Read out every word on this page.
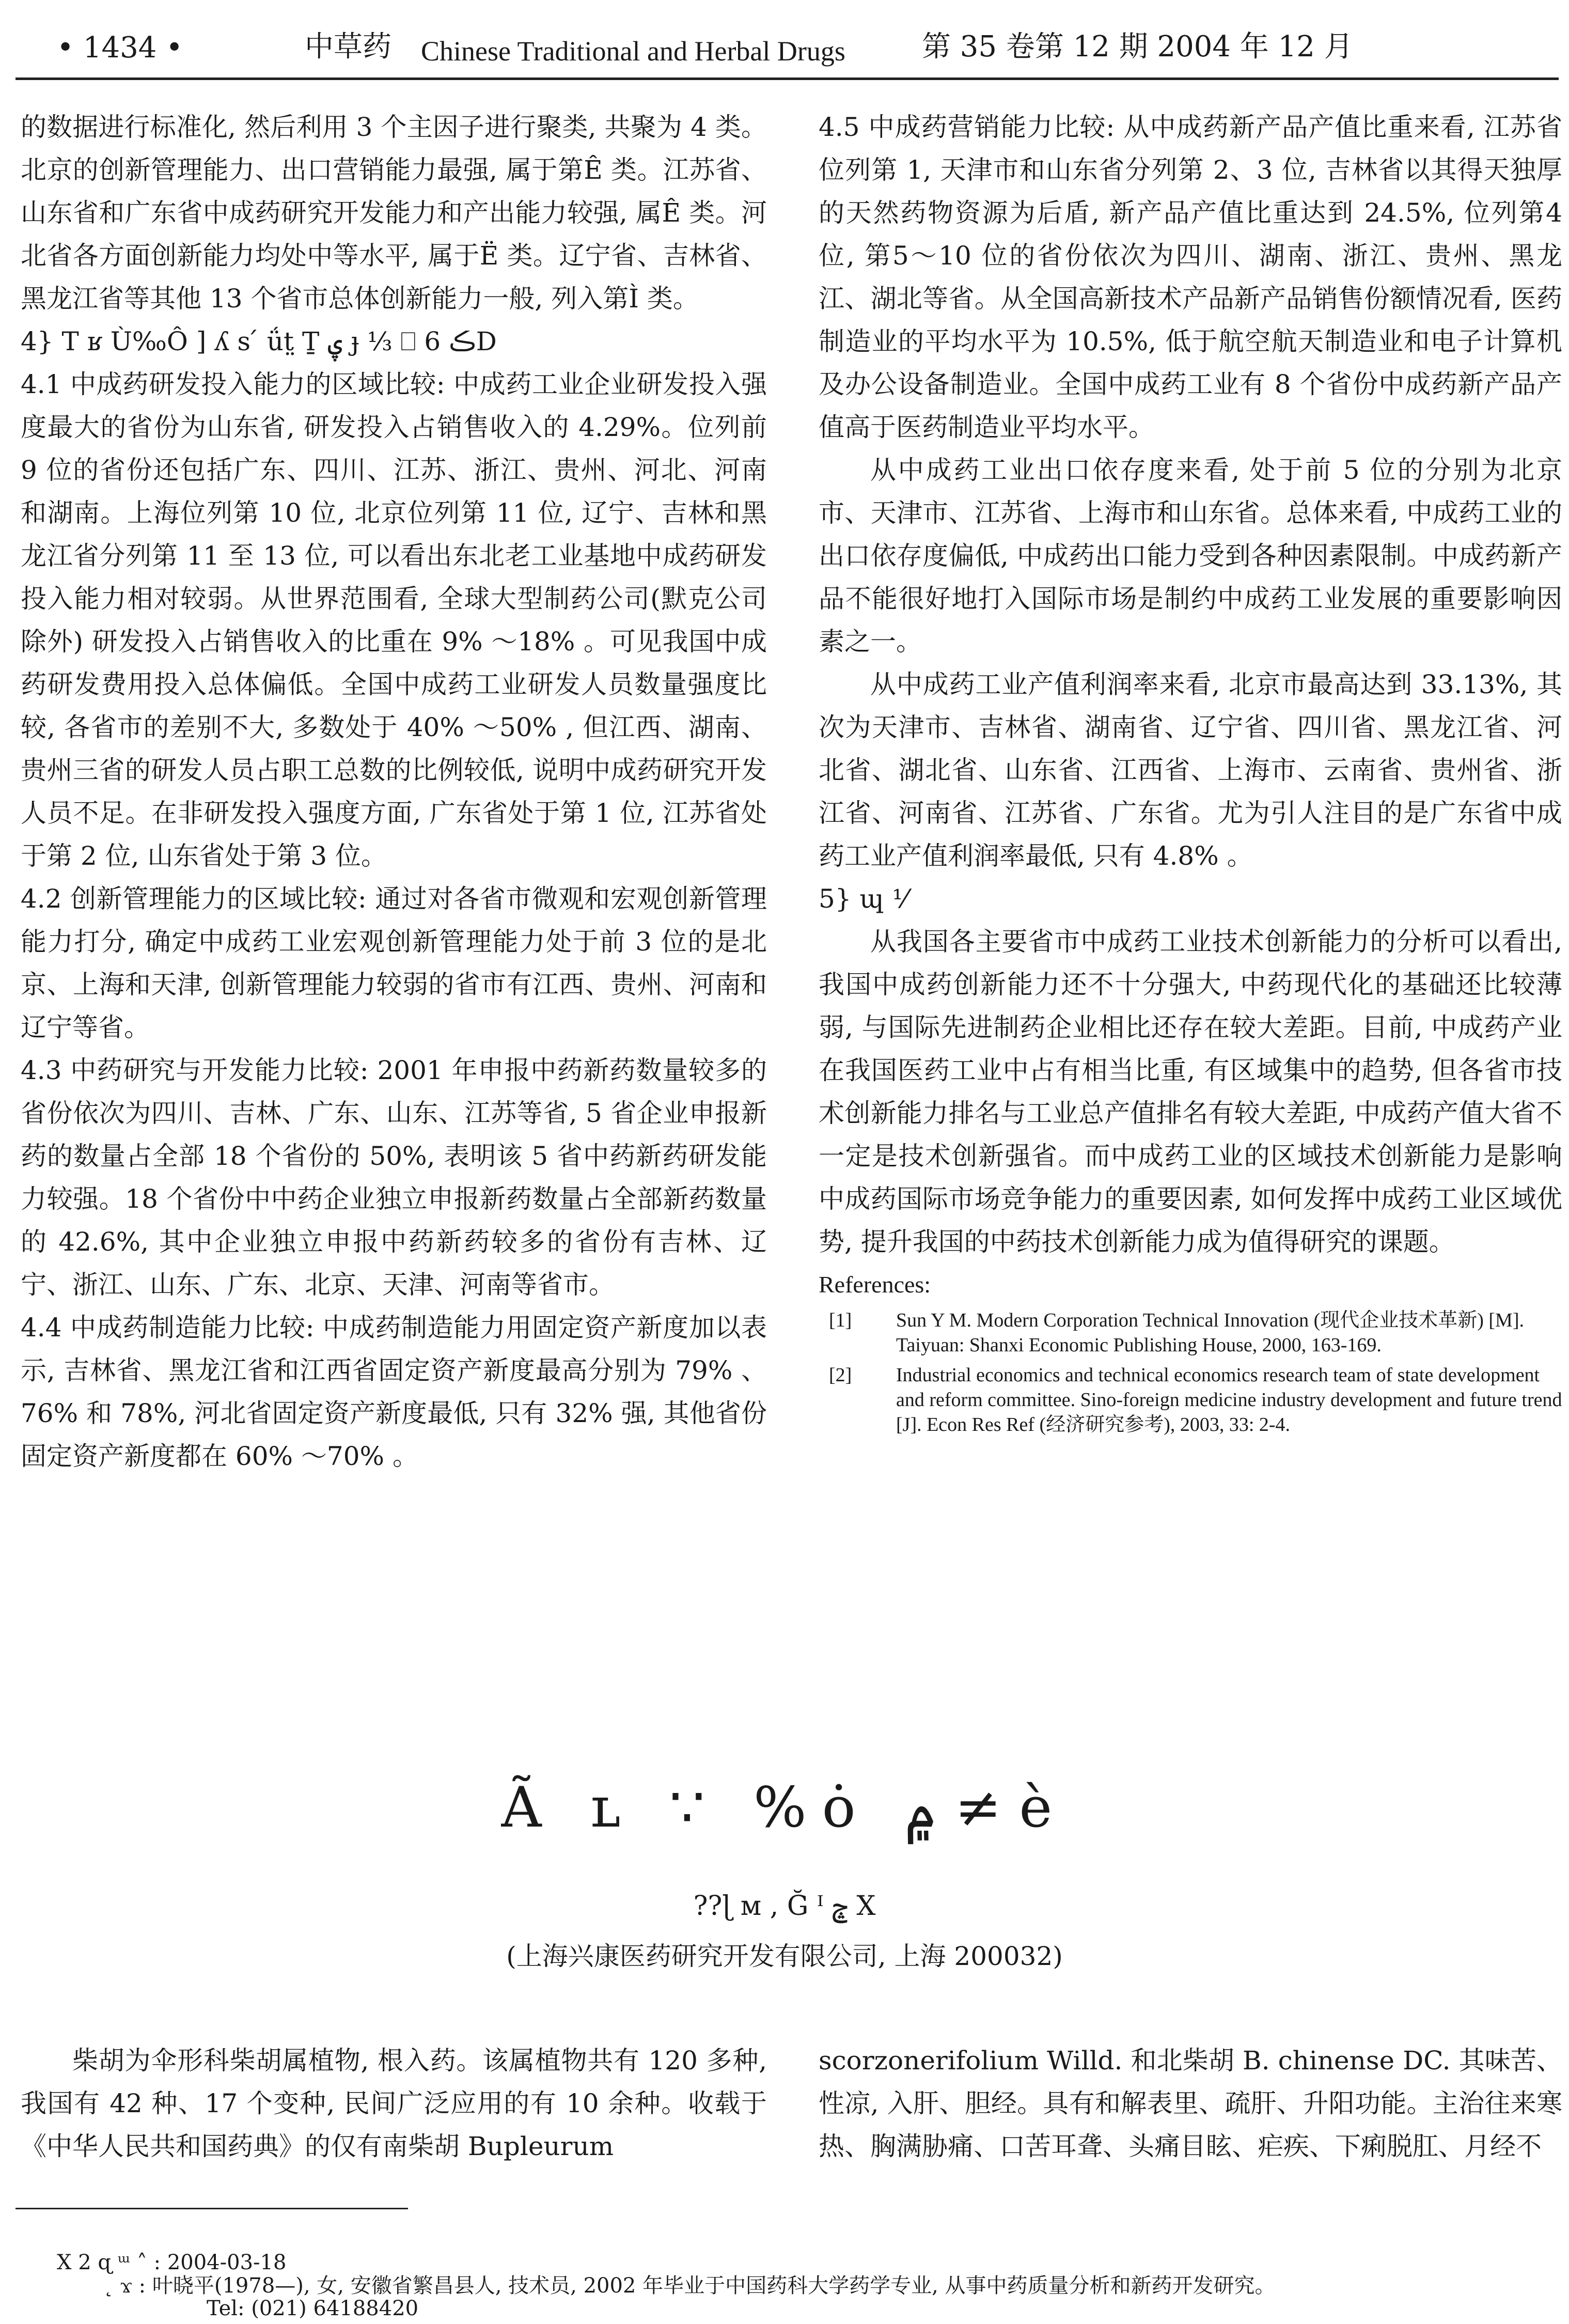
• 1434 •	中草药 Chinese Traditional and Herbal Drugs	第 35 卷第 12 期 2004 年 12 月

的数据进行标准化, 然后利用 3 个主因子进行聚类, 共聚为 4 类。北京的创新管理能力、出口营销能力最强, 属于第Ê 类。江苏省、山东省和广东省中成药研究开发能力和产出能力较强, 属Ê 类。河北省各方面创新能力均处中等水平, 属于Ë 类。辽宁省、吉林省、黑龙江省等其他 13 个省市总体创新能力一般, 列入第Ì 类。

4} T ʁ Ù‰Ô ] ʎ s ́ ǘt̤ Ṯ ۑ ɟ ⅓ ⎕ 6 ڪD

4.1 中成药研发投入能力的区域比较: 中成药工业企业研发投入强度最大的省份为山东省, 研发投入占销售收入的 4.29%。位列前 9 位的省份还包括广东、四川、江苏、浙江、贵州、河北、河南和湖南。上海位列第 10 位, 北京位列第 11 位, 辽宁、吉林和黑龙江省分列第 11 至 13 位, 可以看出东北老工业基地中成药研发投入能力相对较弱。从世界范围看, 全球大型制药公司(默克公司除外) 研发投入占销售收入的比重在 9% ～18% 。可见我国中成药研发费用投入总体偏低。全国中成药工业研发人员数量强度比较, 各省市的差别不大, 多数处于 40% ～50% , 但江西、湖南、贵州三省的研发人员占职工总数的比例较低, 说明中成药研究开发人员不足。在非研发投入强度方面, 广东省处于第 1 位, 江苏省处于第 2 位, 山东省处于第 3 位。

4.2 创新管理能力的区域比较: 通过对各省市微观和宏观创新管理能力打分, 确定中成药工业宏观创新管理能力处于前 3 位的是北京、上海和天津, 创新管理能力较弱的省市有江西、贵州、河南和辽宁等省。

4.3 中药研究与开发能力比较: 2001 年申报中药新药数量较多的省份依次为四川、吉林、广东、山东、江苏等省, 5 省企业申报新药的数量占全部 18 个省份的 50%, 表明该 5 省中药新药研发能力较强。18 个省份中中药企业独立申报新药数量占全部新药数量的 42.6%, 其中企业独立申报中药新药较多的省份有吉林、辽宁、浙江、山东、广东、北京、天津、河南等省市。

4.4 中成药制造能力比较: 中成药制造能力用固定资产新度加以表示, 吉林省、黑龙江省和江西省固定资产新度最高分别为 79% 、76% 和 78%, 河北省固定资产新度最低, 只有 32% 强, 其他省份固定资产新度都在 60% ～70% 。

4.5 中成药营销能力比较: 从中成药新产品产值比重来看, 江苏省位列第 1, 天津市和山东省分列第 2、3 位, 吉林省以其得天独厚的天然药物资源为后盾, 新产品产值比重达到 24.5%, 位列第4 位, 第5～10 位的省份依次为四川、湖南、浙江、贵州、黑龙江、湖北等省。从全国高新技术产品新产品销售份额情况看, 医药制造业的平均水平为 10.5%, 低于航空航天制造业和电子计算机及办公设备制造业。全国中成药工业有 8 个省份中成药新产品产值高于医药制造业平均水平。

从中成药工业出口依存度来看, 处于前 5 位的分别为北京市、天津市、江苏省、上海市和山东省。总体来看, 中成药工业的出口依存度偏低, 中成药出口能力受到各种因素限制。中成药新产品不能很好地打入国际市场是制约中成药工业发展的重要影响因素之一。

从中成药工业产值利润率来看, 北京市最高达到 33.13%, 其次为天津市、吉林省、湖南省、辽宁省、四川省、黑龙江省、河北省、湖北省、山东省、江西省、上海市、云南省、贵州省、浙江省、河南省、江苏省、广东省。尤为引人注目的是广东省中成药工业产值利润率最低, 只有 4.8% 。

5} ɰ ⅟

从我国各主要省市中成药工业技术创新能力的分析可以看出, 我国中成药创新能力还不十分强大, 中药现代化的基础还比较薄弱, 与国际先进制药企业相比还存在较大差距。目前, 中成药产业在我国医药工业中占有相当比重, 有区域集中的趋势, 但各省市技术创新能力排名与工业总产值排名有较大差距, 中成药产值大省不一定是技术创新强省。而中成药工业的区域技术创新能力是影响中成药国际市场竞争能力的重要因素, 如何发挥中成药工业区域优势, 提升我国的中药技术创新能力成为值得研究的课题。

References:

[1] Sun Y M. Modern Corporation Technical Innovation (现代企业技术革新) [M]. Taiyuan: Shanxi Economic Publishing House, 2000, 163-169.
[2] Industrial economics and technical economics research team of state development and reform committee. Sino-foreign medicine industry development and future trend [J]. Econ Res Ref (经济研究参考), 2003, 33: 2-4.
Ã ʟ ∵ %ȯ ۾ ≠ è
??ɭ ᴍ , Ğ ᴵ ݘ X
(上海兴康医药研究开发有限公司, 上海 200032)

柴胡为伞形科柴胡属植物, 根入药。该属植物共有 120 多种, 我国有 42 种、17 个变种, 民间广泛应用的有 10 余种。收载于《中华人民共和国药典》的仅有南柴胡 Bupleurum

scorzonerifolium Willd. 和北柴胡 B. chinense DC. 其味苦、性凉, 入肝、胆经。具有和解表里、疏肝、升阳功能。主治往来寒热、胸满胁痛、口苦耳聋、头痛目眩、疟疾、下痢脱肛、月经不

X 2 ɋ ᵚ ˄ : 2004-03-18
˛ ϫ : 叶晓平(1978—), 女, 安徽省繁昌县人, 技术员, 2002 年毕业于中国药科大学药学专业, 从事中药质量分析和新药开发研究。
Tel: (021) 64188420
